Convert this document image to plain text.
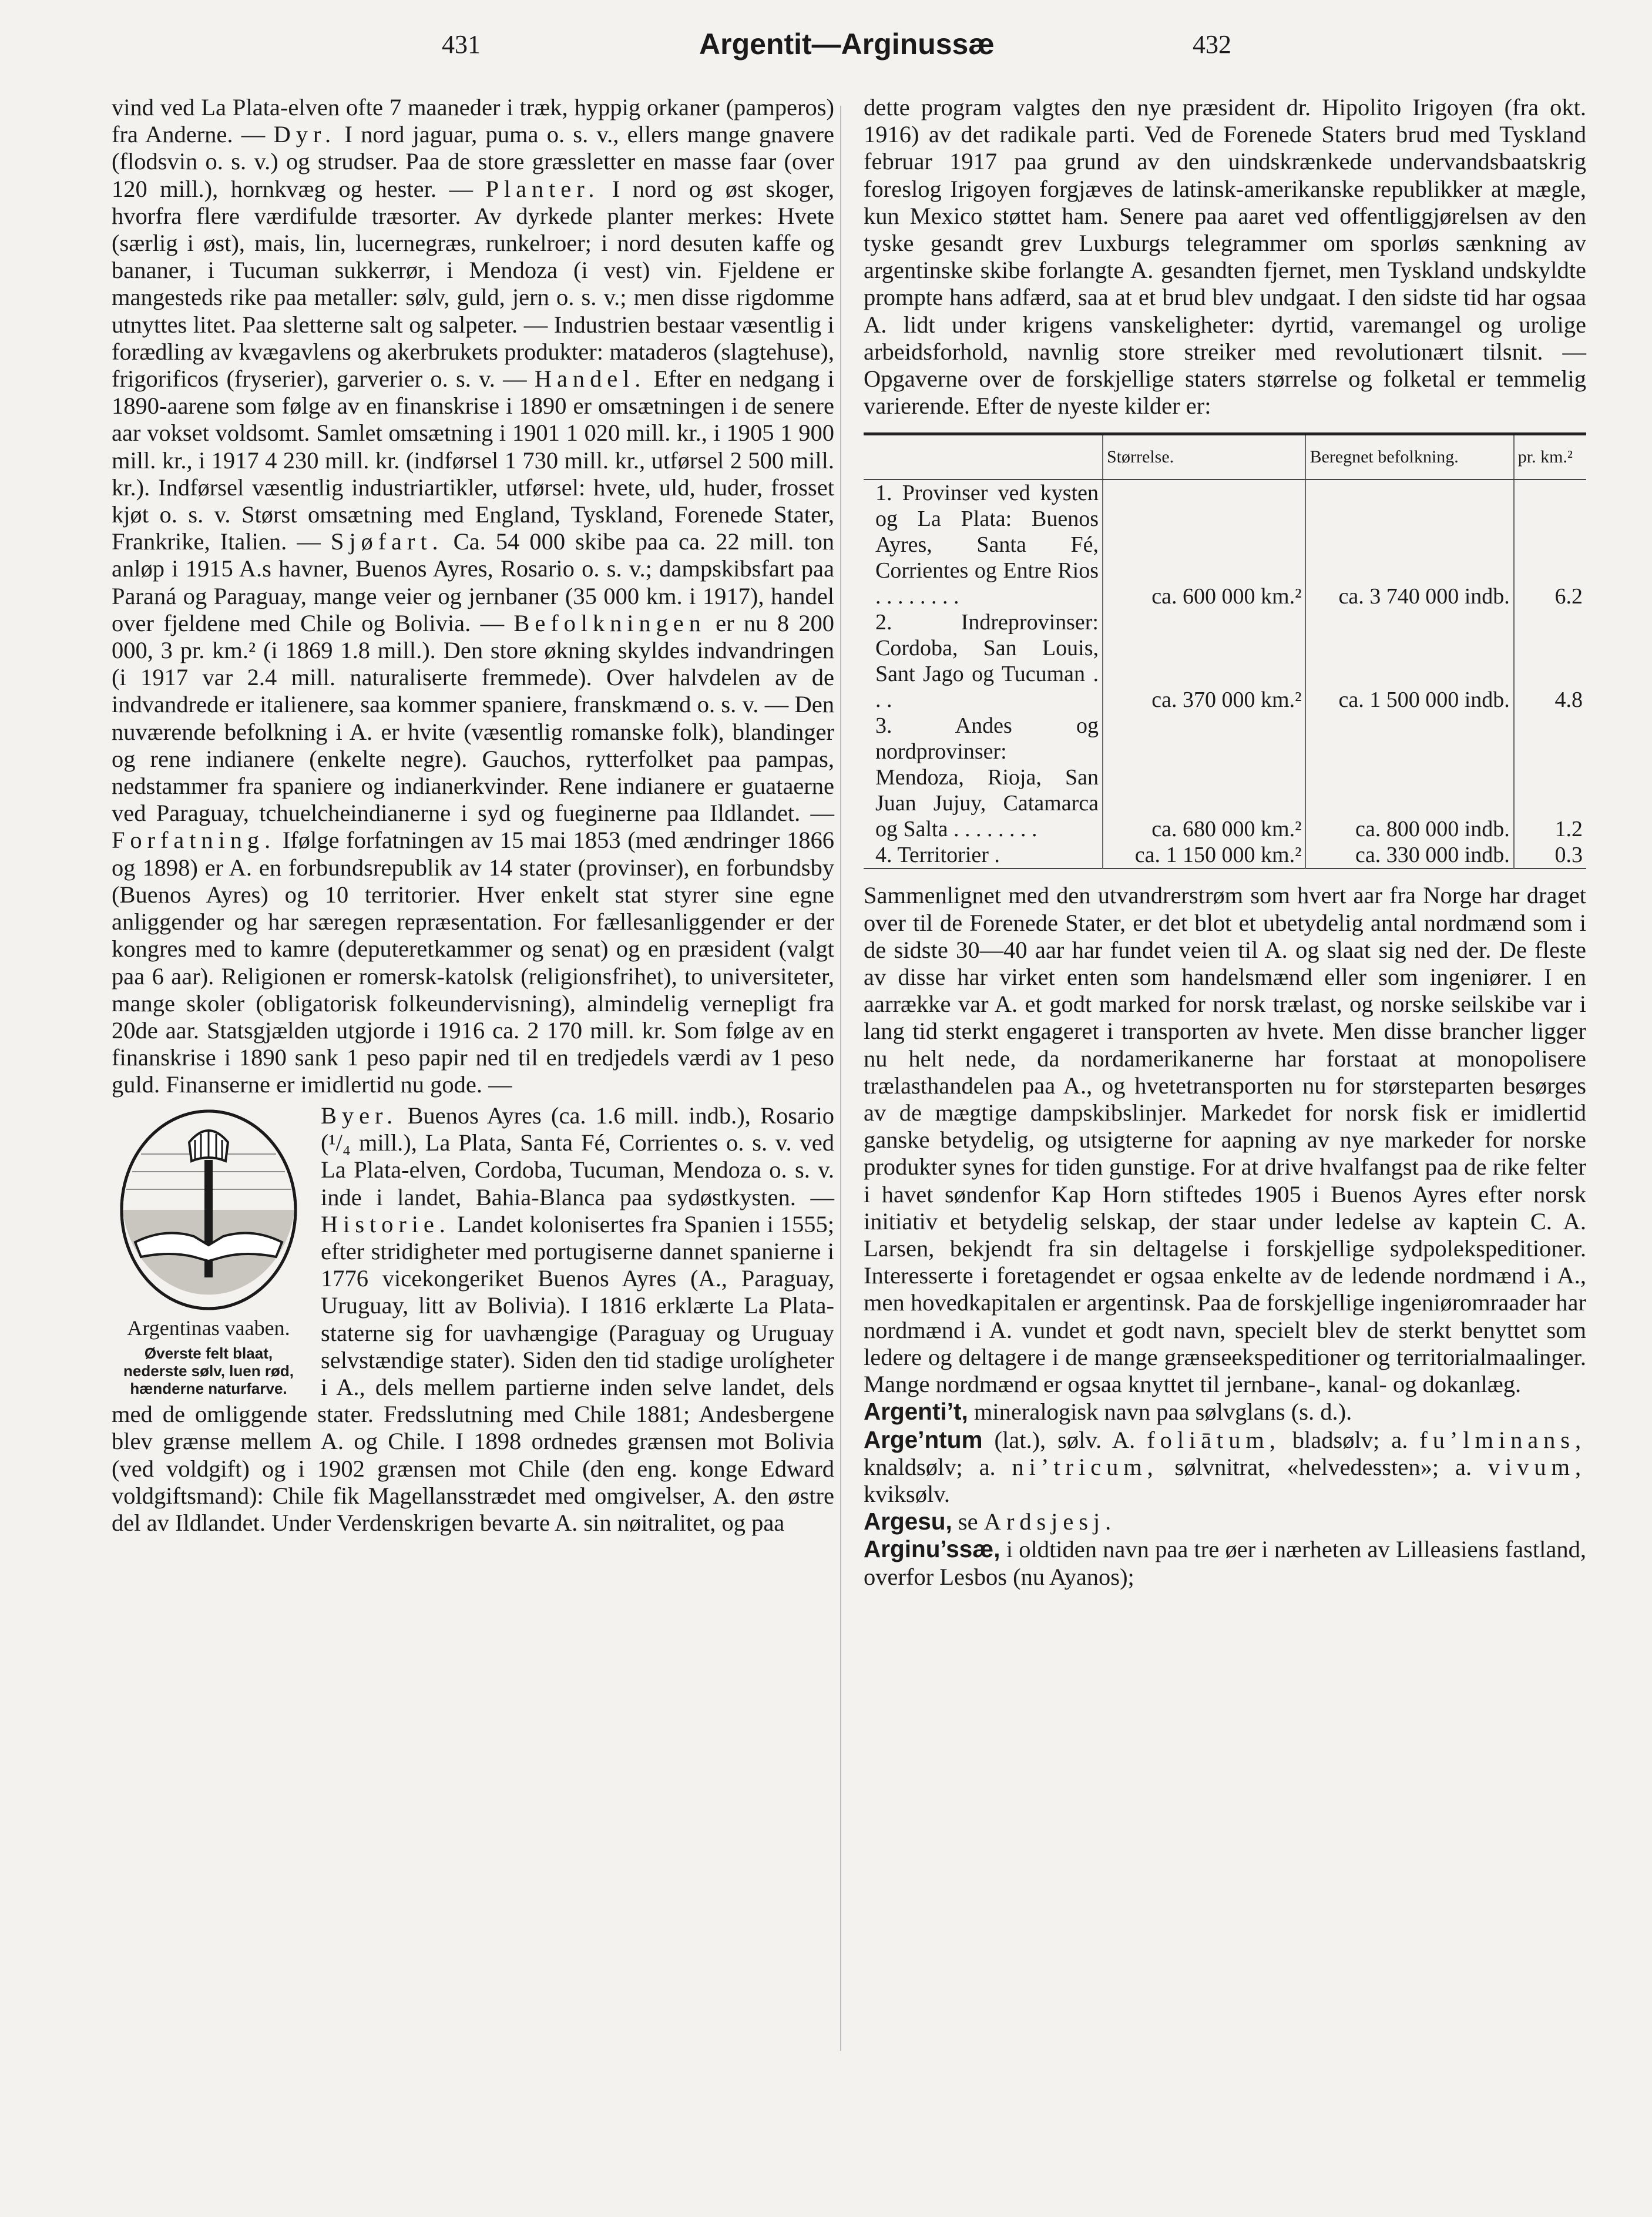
431	Argentit—Arginussæ	432

vind ved La Plata-elven ofte 7 maaneder i træk, hyppig orkaner (pamperos) fra Anderne. — Dyr. I nord jaguar, puma o. s. v., ellers mange gnavere (flodsvin o. s. v.) og strudser. Paa de store græssletter en masse faar (over 120 mill.), hornkvæg og hester. — Planter. I nord og øst skoger, hvorfra flere værdifulde træsorter. Av dyrkede planter merkes: Hvete (særlig i øst), mais, lin, lucernegræs, runkelroer; i nord desuten kaffe og bananer, i Tucuman sukkerrør, i Mendoza (i vest) vin. Fjeldene er mangesteds rike paa metaller: sølv, guld, jern o. s. v.; men disse rigdomme utnyttes litet. Paa sletterne salt og salpeter. — Industrien bestaar væsentlig i forædling av kvægavlens og akerbrukets produkter: mataderos (slagtehuse), frigorificos (fryserier), garverier o. s. v. — Handel. Efter en nedgang i 1890-aarene som følge av en finanskrise i 1890 er omsætningen i de senere aar vokset voldsomt. Samlet omsætning i 1901 1 020 mill. kr., i 1905 1 900 mill. kr., i 1917 4 230 mill. kr. (indførsel 1 730 mill. kr., utførsel 2 500 mill. kr.). Indførsel væsentlig industriartikler, utførsel: hvete, uld, huder, frosset kjøt o. s. v. Størst omsætning med England, Tyskland, Forenede Stater, Frankrike, Italien. — Sjøfart. Ca. 54 000 skibe paa ca. 22 mill. ton anløp i 1915 A.s havner, Buenos Ayres, Rosario o. s. v.; dampskibsfart paa Paraná og Paraguay, mange veier og jernbaner (35 000 km. i 1917), handel over fjeldene med Chile og Bolivia. — Befolkningen er nu 8 200 000, 3 pr. km.² (i 1869 1.8 mill.). Den store økning skyldes indvandringen (i 1917 var 2.4 mill. naturaliserte fremmede). Over halvdelen av de indvandrede er italienere, saa kommer spaniere, franskmænd o. s. v. — Den nuværende befolkning i A. er hvite (væsentlig romanske folk), blandinger og rene indianere (enkelte negre). Gauchos, rytterfolket paa pampas, nedstammer fra spaniere og indianerkvinder. Rene indianere er guataerne ved Paraguay, tchuelcheindianerne i syd og fueginerne paa Ildlandet. — Forfatning. Ifølge forfatningen av 15 mai 1853 (med ændringer 1866 og 1898) er A. en forbundsrepublik av 14 stater (provinser), en forbundsby (Buenos Ayres) og 10 territorier. Hver enkelt stat styrer sine egne anliggender og har særegen repræsentation. For fællesanliggender er der kongres med to kamre (deputeretkammer og senat) og en præsident (valgt paa 6 aar). Religionen er romersk-katolsk (religionsfrihet), to universiteter, mange skoler (obligatorisk folkeundervisning), almindelig vernepligt fra 20de aar. Statsgjælden utgjorde i 1916 ca. 2 170 mill. kr. Som følge av en finanskrise i 1890 sank 1 peso papir ned til en tredjedels værdi av 1 peso guld. Finanserne er imidlertid nu gode. —

dette program valgtes den nye præsident dr. Hipolito Irigoyen (fra okt. 1916) av det radikale parti. Ved de Forenede Staters brud med Tyskland februar 1917 paa grund av den uindskrænkede undervandsbaatskrig foreslog Irigoyen forgjæves de latinsk-amerikanske republikker at mægle, kun Mexico støttet ham. Senere paa aaret ved offentliggjørelsen av den tyske gesandt grev Luxburgs telegrammer om sporløs sænkning av argentinske skibe forlangte A. gesandten fjernet, men Tyskland undskyldte prompte hans adfærd, saa at et brud blev undgaat. I den sidste tid har ogsaa A. lidt under krigens vanskeligheter: dyrtid, varemangel og urolige arbeidsforhold, navnlig store streiker med revolutionært tilsnit. — Opgaverne over de forskjellige staters størrelse og folketal er temmelig varierende. Efter de nyeste kilder er:

	Størrelse.	Beregnet befolkning.	pr. km.²
1. Provinser ved kysten og La Plata: Buenos Ayres, Santa Fé, Corrientes og Entre Rios . . . . . . . .	ca. 600 000 km.²	ca. 3 740 000 indb.	6.2
2. Indreprovinser: Cordoba, San Louis, Sant Jago og Tucuman . . .	ca. 370 000 km.²	ca. 1 500 000 indb.	4.8
3. Andes og nordprovinser: Mendoza, Rioja, San Juan Jujuy, Catamarca og Salta . . . . . . . .	ca. 680 000 km.²	ca. 800 000 indb.	1.2
4. Territorier .	ca. 1 150 000 km.²	ca. 330 000 indb.	0.3

Sammenlignet med den utvandrerstrøm som hvert aar fra Norge har draget over til de Forenede Stater, er det blot et ubetydelig antal nordmænd som i de sidste 30—40 aar har fundet veien til A. og slaat sig ned der. De fleste av disse har virket enten som handelsmænd eller som ingeniører. I en aarrække var A. et godt marked for norsk trælast, og norske seilskibe var i lang tid sterkt engageret i transporten av hvete. Men disse brancher ligger nu helt nede, da nordamerikanerne har forstaat at monopolisere trælasthandelen paa A., og hvetetransporten nu for størsteparten besørges av de mægtige dampskibslinjer. Markedet for norsk fisk er imidlertid ganske betydelig, og utsigterne for aapning av nye markeder for norske produkter synes for tiden gunstige. For at drive hvalfangst paa de rike felter i havet søndenfor Kap Horn stiftedes 1905 i Buenos Ayres efter norsk initiativ et betydelig selskap, der staar under ledelse av kaptein C. A. Larsen, bekjendt fra sin deltagelse i forskjellige sydpolekspeditioner. Interesserte i foretagendet er ogsaa enkelte av de ledende nordmænd i A., men hovedkapitalen er argentinsk. Paa de forskjellige ingeniøromraader har nordmænd i A. vundet et godt navn, specielt blev de sterkt benyttet som ledere og deltagere i de mange grænseekspeditioner og territorialmaalinger. Mange nordmænd er ogsaa knyttet til jernbane-, kanal- og dokanlæg.

Argenti’t, mineralogisk navn paa sølvglans (s. d.).

Arge’ntum (lat.), sølv. A. foliātum, bladsølv; a. fu’lminans, knaldsølv; a. ni’tricum, sølvnitrat, «helvedessten»; a. vivum, kviksølv.

Argesu, se Ardsjesj.

Arginu’ssæ, i oldtiden navn paa tre øer i nærheten av Lilleasiens fastland, overfor Lesbos (nu Ayanos);

Argentinas vaaben.
Øverste felt blaat, nederste sølv, luen rød, hænderne naturfarve.

Byer. Buenos Ayres (ca. 1.6 mill. indb.), Rosario (¹/₄ mill.), La Plata, Santa Fé, Corrientes o. s. v. ved La Plata-elven, Cordoba, Tucuman, Mendoza o. s. v. inde i landet, Bahia-Blanca paa sydøstkysten. — Historie. Landet kolonisertes fra Spanien i 1555; efter stridigheter med portugiserne dannet spanierne i 1776 vicekongeriket Buenos Ayres (A., Paraguay, Uruguay, litt av Bolivia). I 1816 erklærte La Plata-staterne sig for uavhængige (Paraguay og Uruguay selvstændige stater). Siden den tid stadige urolígheter i A., dels mellem partierne inden selve landet, dels med de omliggende stater. Fredsslutning med Chile 1881; Andesbergene blev grænse mellem A. og Chile. I 1898 ordnedes grænsen mot Bolivia (ved voldgift) og i 1902 grænsen mot Chile (den eng. konge Edward voldgiftsmand): Chile fik Magellansstrædet med omgivelser, A. den østre del av Ildlandet. Under Verdenskrigen bevarte A. sin nøitralitet, og paa
